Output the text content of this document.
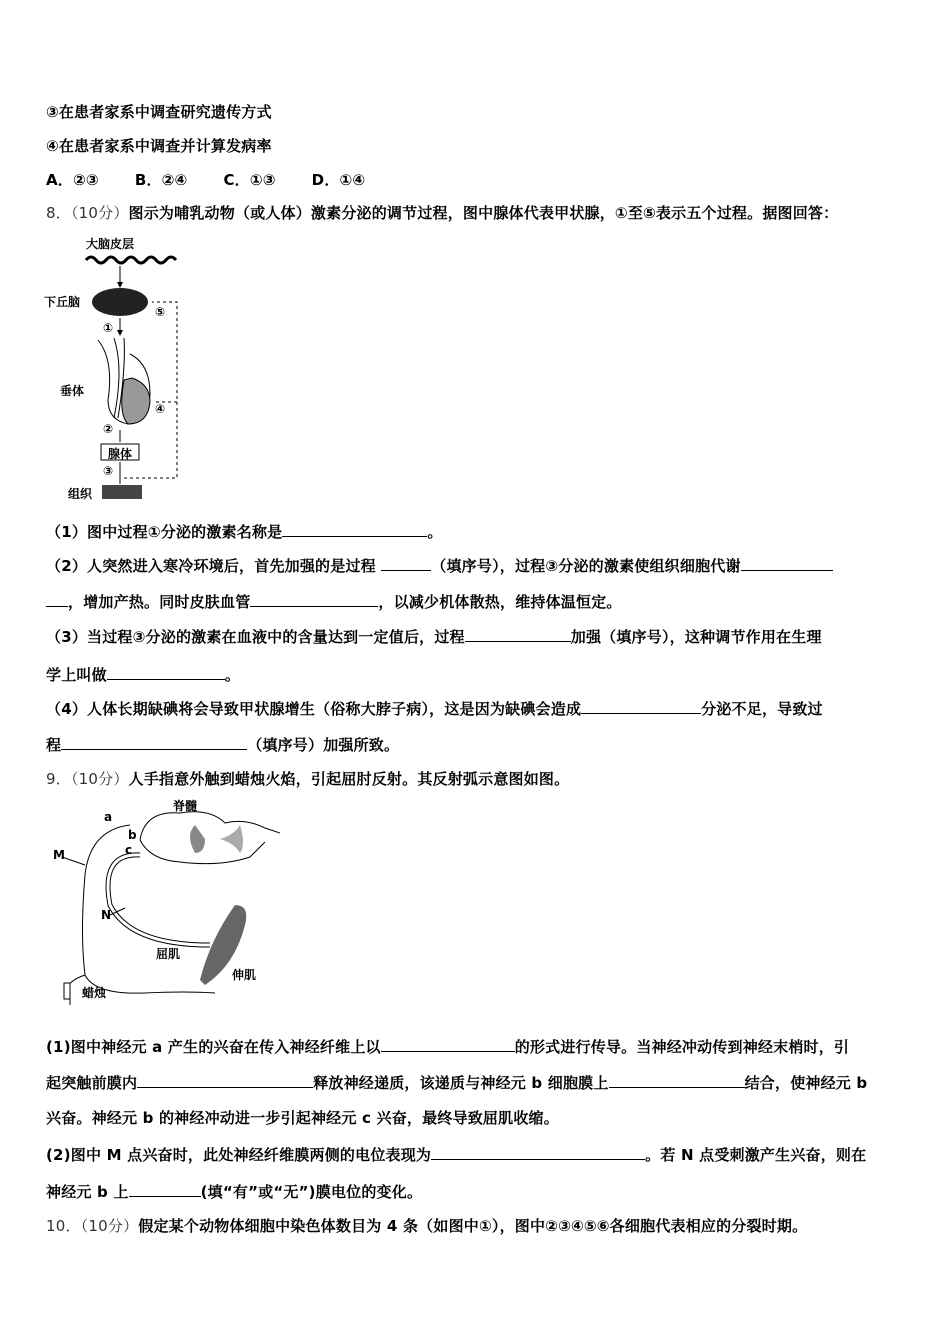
③在患者家系中调查研究遗传方式
④在患者家系中调查并计算发病率
A．②③ B．②④ C．①③ D．①④
8．（10分）图示为哺乳动物（或人体）激素分泌的调节过程，图中腺体代表甲状腺，①至⑤表示五个过程。据图回答：
大脑皮层
下丘脑
垂体
腺体
组织
①
②
③
④
⑤
（1）图中过程①分泌的激素名称是	。
（2）人突然进入寒冷环境后，首先加强的是过程	（填序号），过程③分泌的激素使组织细胞代谢
，增加产热。同时皮肤血管	，以减少机体散热，维持体温恒定。
（3）当过程③分泌的激素在血液中的含量达到一定值后，过程	加强（填序号），这种调节作用在生理
学上叫做	。
（4）人体长期缺碘将会导致甲状腺增生（俗称大脖子病），这是因为缺碘会造成	分泌不足，导致过
程	（填序号）加强所致。
9．（10分）人手指意外触到蜡烛火焰，引起屈肘反射。其反射弧示意图如图。
脊髓
a
b
c
M
N
屈肌
伸肌
蜡烛
(1)图中神经元 a 产生的兴奋在传入神经纤维上以	的形式进行传导。当神经冲动传到神经末梢时，引
起突触前膜内	释放神经递质，该递质与神经元 b 细胞膜上	结合，使神经元 b
兴奋。神经元 b 的神经冲动进一步引起神经元 c 兴奋，最终导致屈肌收缩。
(2)图中 M 点兴奋时，此处神经纤维膜两侧的电位表现为	。若 N 点受刺激产生兴奋，则在
神经元 b 上	(填“有”或“无”)膜电位的变化。
10．（10分）假定某个动物体细胞中染色体数目为 4 条（如图中①），图中②③④⑤⑥各细胞代表相应的分裂时期。
